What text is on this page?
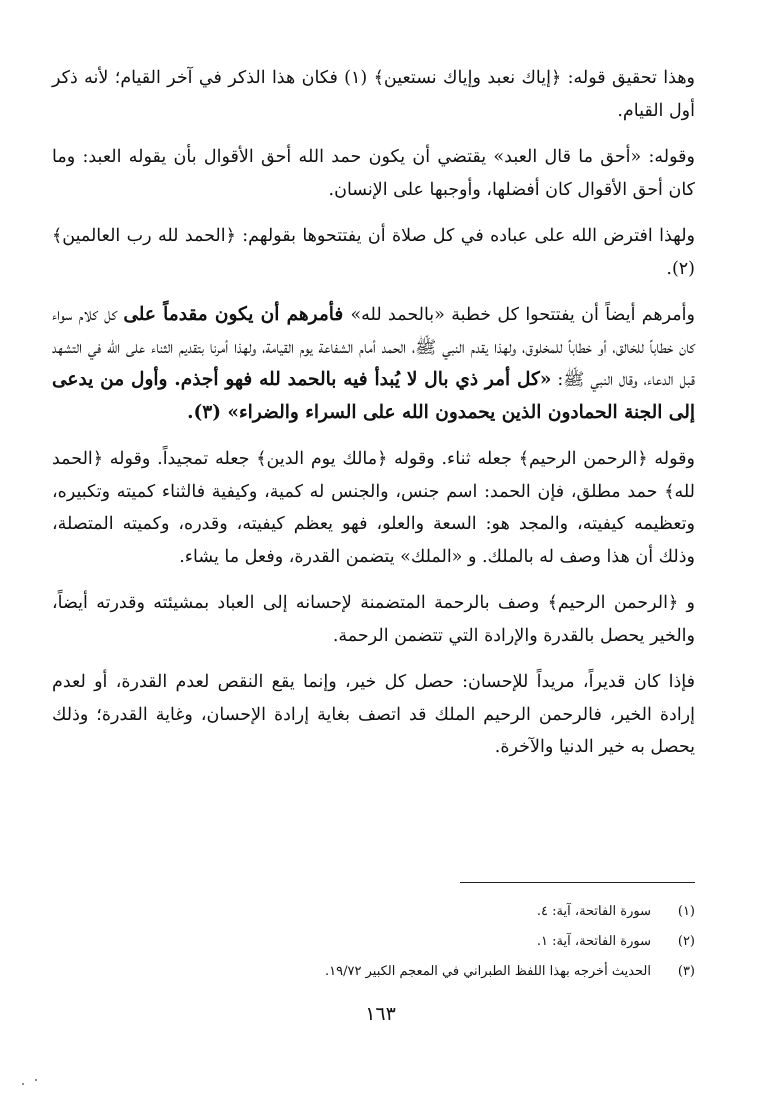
وهذا تحقيق قوله: ﴿إياك نعبد وإياك نستعين﴾ (١) فكان هذا الذكر في آخر القيام؛ لأنه ذكر أول القيام.

وقوله: «أحق ما قال العبد» يقتضي أن يكون حمد الله أحق الأقوال بأن يقوله العبد: وما كان أحق الأقوال كان أفضلها، وأوجبها على الإنسان.

ولهذا افترض الله على عباده في كل صلاة أن يفتتحوها بقولهم: ﴿الحمد لله رب العالمين﴾ (٢).

وأمرهم أيضاً أن يفتتحوا كل خطبة «بالحمد لله» فأمرهم أن يكون مقدماً على كل كلام سواء كان خطاباً للخالق، أو خطاباً للمخلوق، ولهذا يقدم النبي ﷺ، الحمد أمام الشفاعة يوم القيامة، ولهذا أمرنا بتقديم الثناء على الله في التشهد قبل الدعاء، وقال النبي ﷺ: «كل أمر ذي بال لا يُبدأ فيه بالحمد لله فهو أجذم. وأول من يدعى إلى الجنة الحمادون الذين يحمدون الله على السراء والضراء» (٣).

وقوله ﴿الرحمن الرحيم﴾ جعله ثناء. وقوله ﴿مالك يوم الدين﴾ جعله تمجيداً. وقوله ﴿الحمد لله﴾ حمد مطلق، فإن الحمد: اسم جنس، والجنس له كمية، وكيفية فالثناء كميته وتكبيره، وتعظيمه كيفيته، والمجد هو: السعة والعلو، فهو يعظم كيفيته، وقدره، وكميته المتصلة، وذلك أن هذا وصف له بالملك. و «الملك» يتضمن القدرة، وفعل ما يشاء.

و ﴿الرحمن الرحيم﴾ وصف بالرحمة المتضمنة لإحسانه إلى العباد بمشيئته وقدرته أيضاً، والخير يحصل بالقدرة والإرادة التي تتضمن الرحمة.

فإذا كان قديراً، مريداً للإحسان: حصل كل خير، وإنما يقع النقص لعدم القدرة، أو لعدم إرادة الخير، فالرحمن الرحيم الملك قد اتصف بغاية إرادة الإحسان، وغاية القدرة؛ وذلك يحصل به خير الدنيا والآخرة.

(١)سورة الفاتحة، آية: ٤.
(٢)سورة الفاتحة، آية: ١.
(٣)الحديث أخرجه بهذا اللفظ الطبراني في المعجم الكبير ١٩/٧٢.
١٦٣
